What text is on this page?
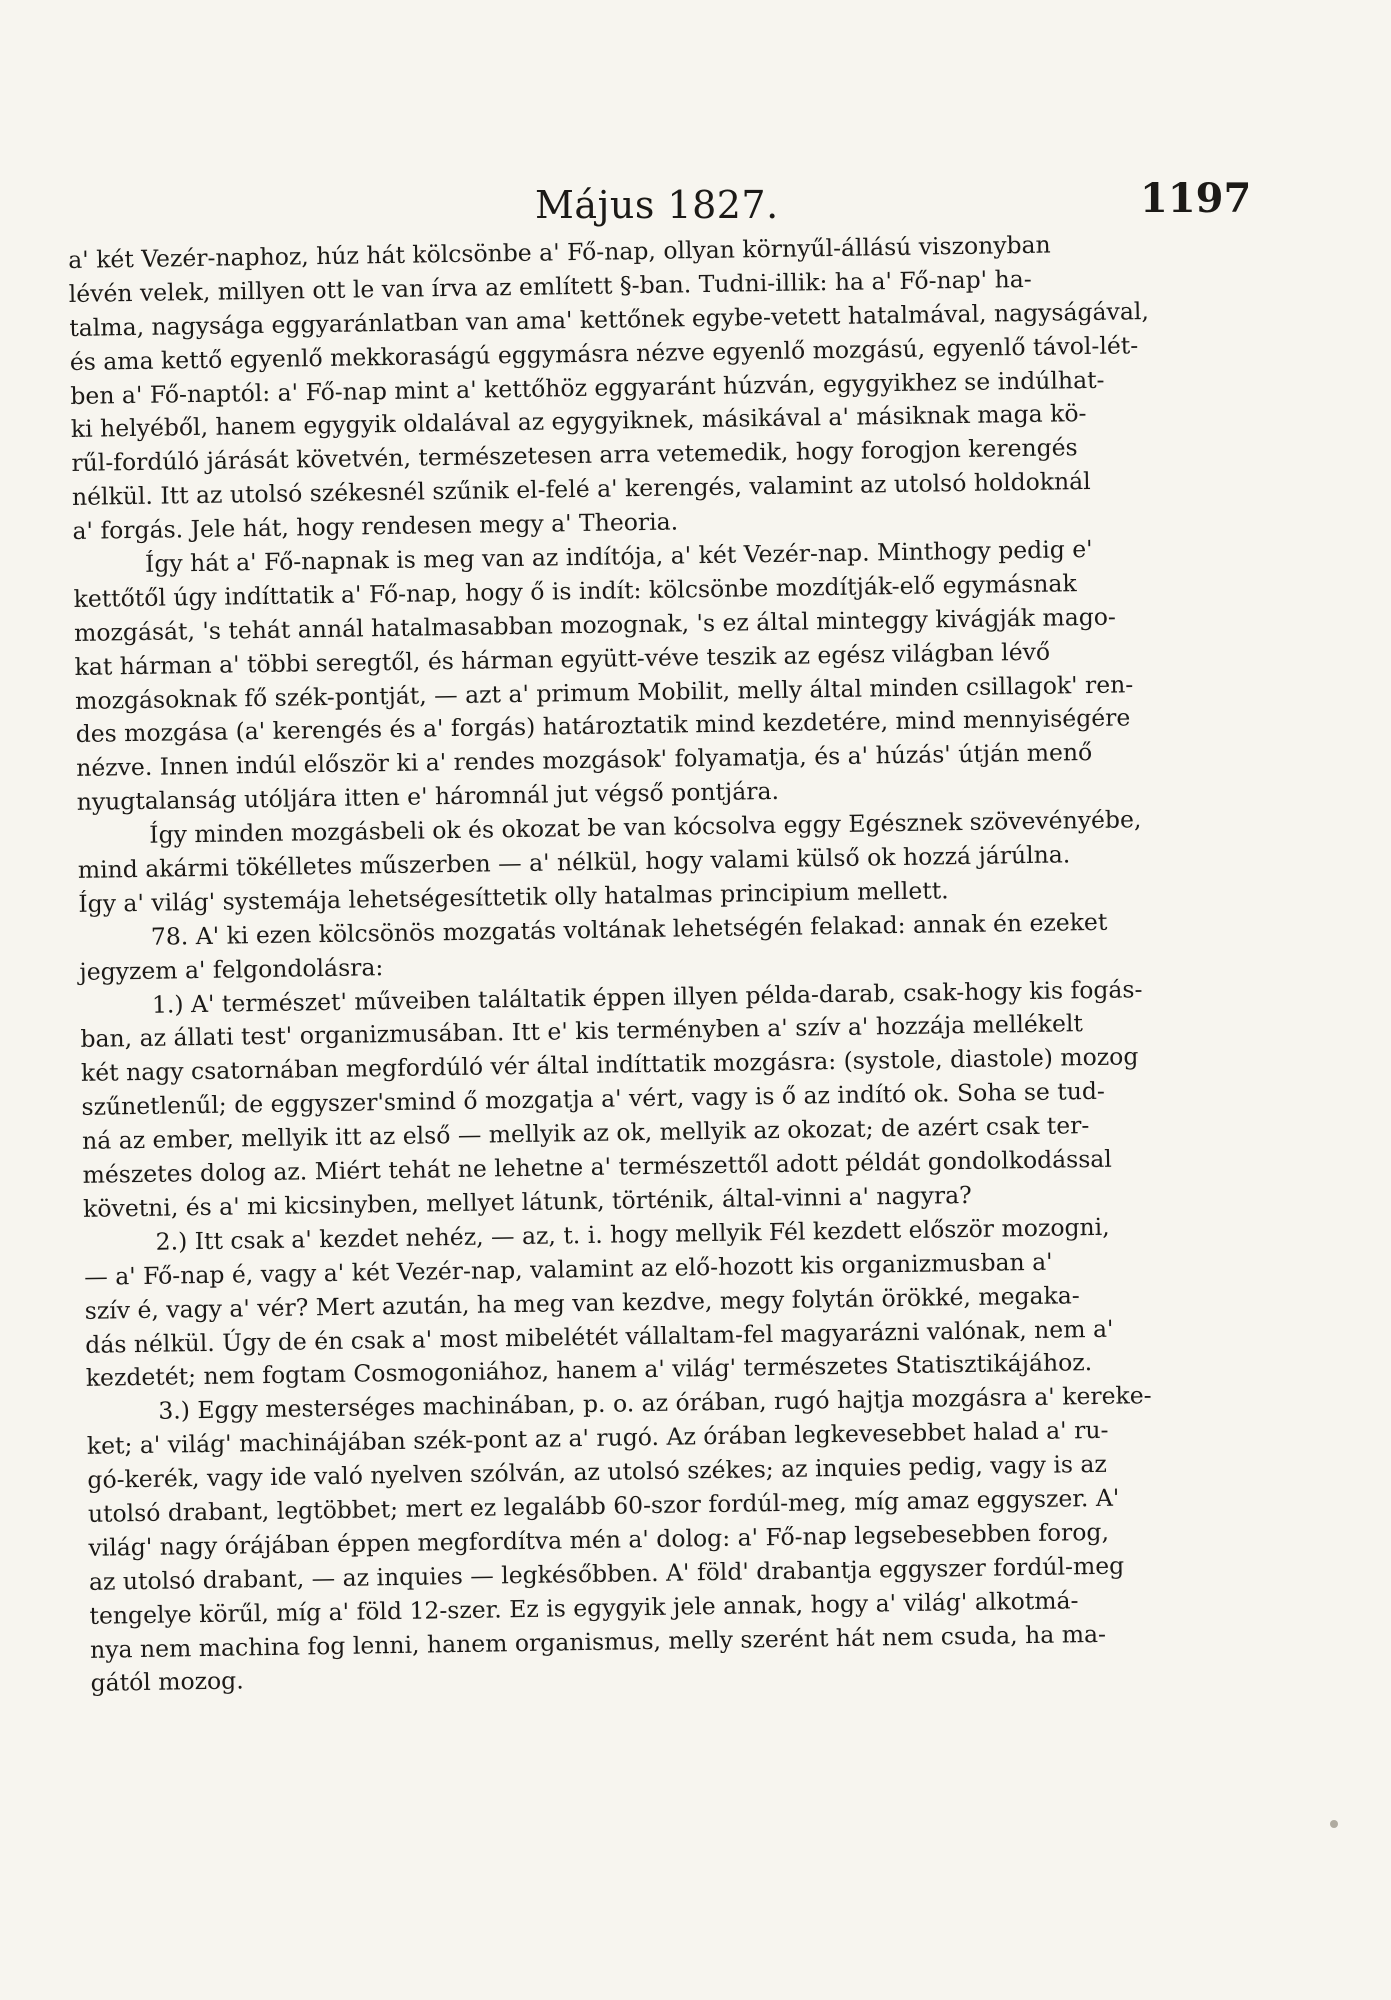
Május 1827.	1197
a' két Vezér-naphoz, húz hát kölcsönbe a' Fő-nap, ollyan környűl-állású viszonyban
lévén velek, millyen ott le van írva az említett §-ban. Tudni-illik: ha a' Fő-nap' ha-
talma, nagysága eggyaránlatban van ama' kettőnek egybe-vetett hatalmával, nagyságával,
és ama kettő egyenlő mekkoraságú eggymásra nézve egyenlő mozgású, egyenlő távol-lét-
ben a' Fő-naptól: a' Fő-nap mint a' kettőhöz eggyaránt húzván, egygyikhez se indúlhat-
ki helyéből, hanem egygyik oldalával az egygyiknek, másikával a' másiknak maga kö-
rűl-fordúló járását követvén, természetesen arra vetemedik, hogy forogjon kerengés
nélkül. Itt az utolsó székesnél szűnik el-felé a' kerengés, valamint az utolsó holdoknál
a' forgás. Jele hát, hogy rendesen megy a' Theoria.
Így hát a' Fő-napnak is meg van az indítója, a' két Vezér-nap. Minthogy pedig e'
kettőtől úgy indíttatik a' Fő-nap, hogy ő is indít: kölcsönbe mozdítják-elő egymásnak
mozgását, 's tehát annál hatalmasabban mozognak, 's ez által minteggy kivágják mago-
kat hárman a' többi seregtől, és hárman együtt-véve teszik az egész világban lévő
mozgásoknak fő szék-pontját, — azt a' primum Mobilit, melly által minden csillagok' ren-
des mozgása (a' kerengés és a' forgás) határoztatik mind kezdetére, mind mennyiségére
nézve. Innen indúl először ki a' rendes mozgások' folyamatja, és a' húzás' útján menő
nyugtalanság utóljára itten e' háromnál jut végső pontjára.
Így minden mozgásbeli ok és okozat be van kócsolva eggy Egésznek szövevényébe,
mind akármi tökélletes műszerben — a' nélkül, hogy valami külső ok hozzá járúlna.
Így a' világ' systemája lehetségesíttetik olly hatalmas principium mellett.
78. A' ki ezen kölcsönös mozgatás voltának lehetségén felakad: annak én ezeket
jegyzem a' felgondolásra:
1.) A' természet' műveiben találtatik éppen illyen példa-darab, csak-hogy kis fogás-
ban, az állati test' organizmusában. Itt e' kis terményben a' szív a' hozzája mellékelt
két nagy csatornában megfordúló vér által indíttatik mozgásra: (systole, diastole) mozog
szűnetlenűl; de eggyszer'smind ő mozgatja a' vért, vagy is ő az indító ok. Soha se tud-
ná az ember, mellyik itt az első — mellyik az ok, mellyik az okozat; de azért csak ter-
mészetes dolog az. Miért tehát ne lehetne a' természettől adott példát gondolkodással
követni, és a' mi kicsinyben, mellyet látunk, történik, által-vinni a' nagyra?
2.) Itt csak a' kezdet nehéz, — az, t. i. hogy mellyik Fél kezdett először mozogni,
— a' Fő-nap é, vagy a' két Vezér-nap, valamint az elő-hozott kis organizmusban a'
szív é, vagy a' vér? Mert azután, ha meg van kezdve, megy folytán örökké, megaka-
dás nélkül. Úgy de én csak a' most mibelétét vállaltam-fel magyarázni valónak, nem a'
kezdetét; nem fogtam Cosmogoniához, hanem a' világ' természetes Statisztikájához.
3.) Eggy mesterséges machinában, p. o. az órában, rugó hajtja mozgásra a' kereke-
ket; a' világ' machinájában szék-pont az a' rugó. Az órában legkevesebbet halad a' ru-
gó-kerék, vagy ide való nyelven szólván, az utolsó székes; az inquies pedig, vagy is az
utolsó drabant, legtöbbet; mert ez legalább 60-szor fordúl-meg, míg amaz eggyszer. A'
világ' nagy órájában éppen megfordítva mén a' dolog: a' Fő-nap legsebesebben forog,
az utolsó drabant, — az inquies — legkésőbben. A' föld' drabantja eggyszer fordúl-meg
tengelye körűl, míg a' föld 12-szer. Ez is egygyik jele annak, hogy a' világ' alkotmá-
nya nem machina fog lenni, hanem organismus, melly szerént hát nem csuda, ha ma-
gától mozog.
